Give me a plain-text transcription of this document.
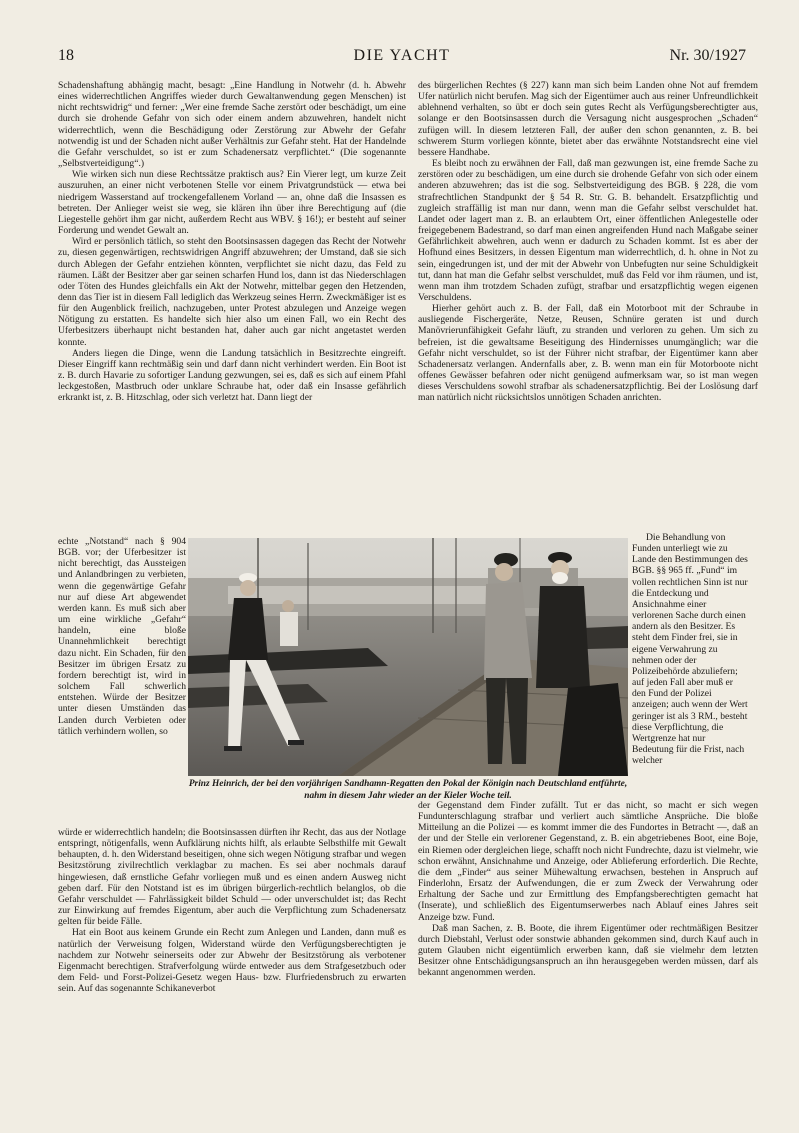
18	DIE YACHT	Nr. 30/1927

Schadenshaftung abhängig macht, besagt: „Eine Handlung in Notwehr (d. h. Abwehr eines widerrechtlichen Angriffes wieder durch Gewaltanwendung gegen Menschen) ist nicht rechtswidrig“ und ferner: „Wer eine fremde Sache zerstört oder beschädigt, um eine durch sie drohende Gefahr von sich oder einem andern abzuwehren, handelt nicht widerrechtlich, wenn die Beschädigung oder Zerstörung zur Abwehr der Gefahr notwendig ist und der Schaden nicht außer Verhältnis zur Gefahr steht. Hat der Handelnde die Gefahr verschuldet, so ist er zum Schadenersatz verpflichtet.“ (Die sogenannte „Selbstverteidigung“.)

Wie wirken sich nun diese Rechtssätze praktisch aus? Ein Vierer legt, um kurze Zeit auszuruhen, an einer nicht verbotenen Stelle vor einem Privatgrundstück — etwa bei niedrigem Wasserstand auf trockengefallenem Vorland — an, ohne daß die Insassen es betreten. Der Anlieger weist sie weg, sie klären ihn über ihre Berechtigung auf (die Liegestelle gehört ihm gar nicht, außerdem Recht aus WBV. § 16!); er besteht auf seiner Forderung und wendet Gewalt an.

Wird er persönlich tätlich, so steht den Bootsinsassen dagegen das Recht der Notwehr zu, diesen gegenwärtigen, rechtswidrigen Angriff abzuwehren; der Umstand, daß sie sich durch Ablegen der Gefahr entziehen könnten, verpflichtet sie nicht dazu, das Feld zu räumen. Läßt der Besitzer aber gar seinen scharfen Hund los, dann ist das Niederschlagen oder Töten des Hundes gleichfalls ein Akt der Notwehr, mittelbar gegen den Hetzenden, denn das Tier ist in diesem Fall lediglich das Werkzeug seines Herrn. Zweckmäßiger ist es für den Augenblick freilich, nachzugeben, unter Protest abzulegen und Anzeige wegen Nötigung zu erstatten. Es handelte sich hier also um einen Fall, wo ein Recht des Uferbesitzers überhaupt nicht bestanden hat, daher auch gar nicht angetastet werden konnte.

Anders liegen die Dinge, wenn die Landung tatsächlich in Besitzrechte eingreift. Dieser Eingriff kann rechtmäßig sein und darf dann nicht verhindert werden. Ein Boot ist z. B. durch Havarie zu sofortiger Landung gezwungen, sei es, daß es sich auf einem Pfahl leckgestoßen, Mastbruch oder unklare Schraube hat, oder daß ein Insasse gefährlich erkrankt ist, z. B. Hitzschlag, oder sich verletzt hat. Dann liegt der

des bürgerlichen Rechtes (§ 227) kann man sich beim Landen ohne Not auf fremdem Ufer natürlich nicht berufen. Mag sich der Eigentümer auch aus reiner Unfreundlichkeit ablehnend verhalten, so übt er doch sein gutes Recht als Verfügungsberechtigter aus, solange er den Bootsinsassen durch die Versagung nicht ausgesprochen „Schaden“ zufügen will. In diesem letzteren Fall, der außer den schon genannten, z. B. bei schwerem Sturm vorliegen könnte, bietet aber das erwähnte Notstandsrecht eine viel bessere Handhabe.

Es bleibt noch zu erwähnen der Fall, daß man gezwungen ist, eine fremde Sache zu zerstören oder zu beschädigen, um eine durch sie drohende Gefahr von sich oder einem anderen abzuwehren; das ist die sog. Selbstverteidigung des BGB. § 228, die vom strafrechtlichen Standpunkt der § 54 R. Str. G. B. behandelt. Ersatzpflichtig und zugleich straffällig ist man nur dann, wenn man die Gefahr selbst verschuldet hat. Landet oder lagert man z. B. an erlaubtem Ort, einer öffentlichen Anlegestelle oder freigegebenem Badestrand, so darf man einen angreifenden Hund nach Maßgabe seiner Gefährlichkeit abwehren, auch wenn er dadurch zu Schaden kommt. Ist es aber der Hofhund eines Besitzers, in dessen Eigentum man widerrechtlich, d. h. ohne in Not zu sein, eingedrungen ist, und der mit der Abwehr von Unbefugten nur seine Schuldigkeit tut, dann hat man die Gefahr selbst verschuldet, muß das Feld vor ihm räumen, und ist, wenn man ihm trotzdem Schaden zufügt, strafbar und ersatzpflichtig wegen eigenen Verschuldens.

Hierher gehört auch z. B. der Fall, daß ein Motorboot mit der Schraube in ausliegende Fischergeräte, Netze, Reusen, Schnüre geraten ist und durch Manövrierunfähigkeit Gefahr läuft, zu stranden und verloren zu gehen. Um sich zu befreien, ist die gewaltsame Beseitigung des Hindernisses unumgänglich; war die Gefahr nicht verschuldet, so ist der Führer nicht strafbar, der Eigentümer kann aber Schadenersatz verlangen. Andernfalls aber, z. B. wenn man ein für Motorboote nicht offenes Gewässer befahren oder nicht genügend aufmerksam war, so ist man wegen dieses Verschuldens sowohl strafbar als schadenersatzpflichtig. Bei der Loslösung darf man natürlich nicht rücksichtslos unnötigen Schaden anrichten.

echte „Notstand“ nach § 904 BGB. vor; der Uferbesitzer ist nicht berechtigt, das Aussteigen und Anlandbringen zu verbieten, wenn die gegenwärtige Gefahr nur auf diese Art abgewendet werden kann. Es muß sich aber um eine wirkliche „Gefahr“ handeln, eine bloße Unannehmlichkeit berechtigt dazu nicht. Ein Schaden, für den Besitzer im übrigen Ersatz zu fordern berechtigt ist, wird in solchem Fall schwerlich entstehen. Würde der Besitzer unter diesen Umständen das Landen durch Verbieten oder tätlich verhindern wollen, so

Prinz Heinrich, der bei den vorjährigen Sandhamn-Regatten den Pokal der Königin nach Deutschland entführte, nahm in diesem Jahr wieder an der Kieler Woche teil.

Die Behandlung von Funden unterliegt wie zu Lande den Bestimmungen des BGB. §§ 965 ff. „Fund“ im vollen rechtlichen Sinn ist nur die Entdeckung und Ansichnahme einer verlorenen Sache durch einen andern als den Besitzer. Es steht dem Finder frei, sie in eigene Verwahrung zu nehmen oder der Polizeibehörde abzuliefern; auf jeden Fall aber muß er den Fund der Polizei anzeigen; auch wenn der Wert geringer ist als 3 RM., besteht diese Verpflichtung, die Wertgrenze hat nur Bedeutung für die Frist, nach welcher

würde er widerrechtlich handeln; die Bootsinsassen dürften ihr Recht, das aus der Notlage entspringt, nötigenfalls, wenn Aufklärung nichts hilft, als erlaubte Selbsthilfe mit Gewalt behaupten, d. h. den Widerstand beseitigen, ohne sich wegen Nötigung strafbar und wegen Besitzstörung zivilrechtlich verklagbar zu machen. Es sei aber nochmals darauf hingewiesen, daß ernstliche Gefahr vorliegen muß und es einen andern Ausweg nicht geben darf. Für den Notstand ist es im übrigen bürgerlich-rechtlich belanglos, ob die Gefahr verschuldet — Fahrlässigkeit bildet Schuld — oder unverschuldet ist; das Recht zur Einwirkung auf fremdes Eigentum, aber auch die Verpflichtung zum Schadenersatz gelten für beide Fälle.

Hat ein Boot aus keinem Grunde ein Recht zum Anlegen und Landen, dann muß es natürlich der Verweisung folgen, Widerstand würde den Verfügungsberechtigten je nachdem zur Notwehr seinerseits oder zur Abwehr der Besitzstörung als verbotener Eigenmacht berechtigen. Strafverfolgung würde entweder aus dem Strafgesetzbuch oder dem Feld- und Forst-Polizei-Gesetz wegen Haus- bzw. Flurfriedensbruch zu erwarten sein. Auf das sogenannte Schikaneverbot

der Gegenstand dem Finder zufällt. Tut er das nicht, so macht er sich wegen Fundunterschlagung strafbar und verliert auch sämtliche Ansprüche. Die bloße Mitteilung an die Polizei — es kommt immer die des Fundortes in Betracht —, daß an der und der Stelle ein verlorener Gegenstand, z. B. ein abgetriebenes Boot, eine Boje, ein Riemen oder dergleichen liege, schafft noch nicht Fundrechte, dazu ist vielmehr, wie schon erwähnt, Ansichnahme und Anzeige, oder Ablieferung erforderlich. Die Rechte, die dem „Finder“ aus seiner Mühewaltung erwachsen, bestehen in Anspruch auf Finderlohn, Ersatz der Aufwendungen, die er zum Zweck der Verwahrung oder Erhaltung der Sache und zur Ermittlung des Empfangsberechtigten gemacht hat (Inserate), und schließlich des Eigentumserwerbes nach Ablauf eines Jahres seit Anzeige bzw. Fund.

Daß man Sachen, z. B. Boote, die ihrem Eigentümer oder rechtmäßigen Besitzer durch Diebstahl, Verlust oder sonstwie abhanden gekommen sind, durch Kauf auch in gutem Glauben nicht eigentümlich erwerben kann, daß sie vielmehr dem letzten Besitzer ohne Entschädigungsanspruch an ihn herausgegeben werden müssen, darf als bekannt angenommen werden.
